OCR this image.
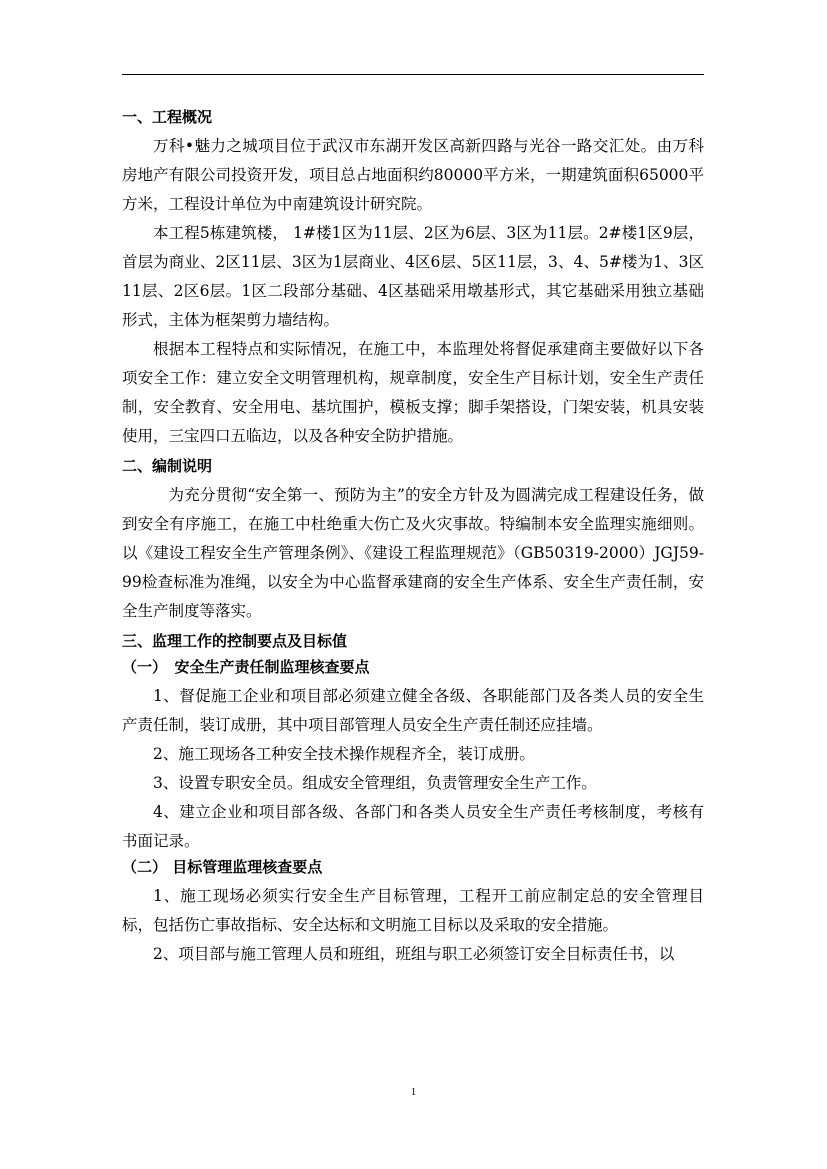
一、工程概况

万科•魅力之城项目位于武汉市东湖开发区高新四路与光谷一路交汇处。由万科房地产有限公司投资开发，项目总占地面积约80000平方米，一期建筑面积65000平方米，工程设计单位为中南建筑设计研究院。

本工程5栋建筑楼， 1#楼1区为11层、2区为6层、3区为11层。2#楼1区9层，首层为商业、2区11层、3区为1层商业、4区6层、5区11层，3、4、5#楼为1、3区11层、2区6层。1区二段部分基础、4区基础采用墩基形式，其它基础采用独立基础形式，主体为框架剪力墙结构。

根据本工程特点和实际情况，在施工中，本监理处将督促承建商主要做好以下各项安全工作：建立安全文明管理机构，规章制度，安全生产目标计划，安全生产责任制，安全教育、安全用电、基坑围护，模板支撑；脚手架搭设，门架安装，机具安装使用，三宝四口五临边，以及各种安全防护措施。

二、编制说明

为充分贯彻“安全第一、预防为主”的安全方针及为圆满完成工程建设任务，做到安全有序施工，在施工中杜绝重大伤亡及火灾事故。特编制本安全监理实施细则。以《建设工程安全生产管理条例》、《建设工程监理规范》（GB50319-2000）JGJ59-99检查标准为准绳，以安全为中心监督承建商的安全生产体系、安全生产责任制，安全生产制度等落实。

三、监理工作的控制要点及目标值
（一）　安全生产责任制监理核查要点

1、督促施工企业和项目部必须建立健全各级、各职能部门及各类人员的安全生产责任制，装订成册，其中项目部管理人员安全生产责任制还应挂墙。

2、施工现场各工种安全技术操作规程齐全，装订成册。

3、设置专职安全员。组成安全管理组，负责管理安全生产工作。

4、建立企业和项目部各级、各部门和各类人员安全生产责任考核制度，考核有书面记录。

（二） 目标管理监理核查要点

1、施工现场必须实行安全生产目标管理，工程开工前应制定总的安全管理目标，包括伤亡事故指标、安全达标和文明施工目标以及采取的安全措施。

2、项目部与施工管理人员和班组，班组与职工必须签订安全目标责任书，以

1
